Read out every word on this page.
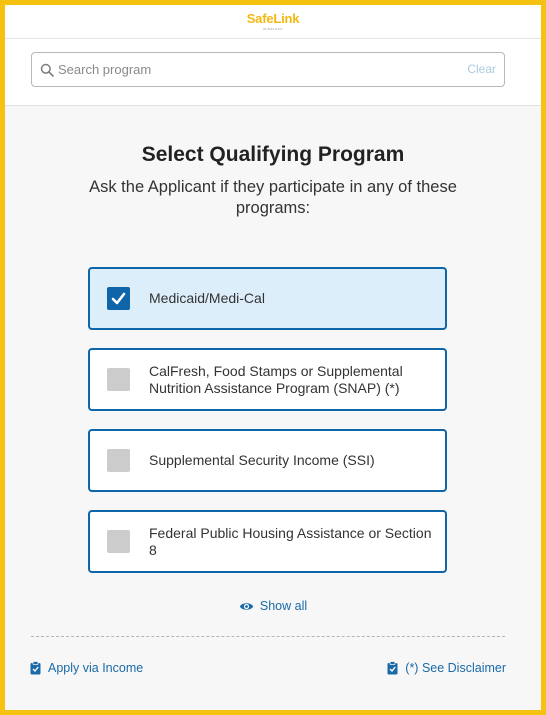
SafeLink
WIRELESS
Search program
Clear
Select Qualifying Program
Ask the Applicant if they participate in any of these programs:
Medicaid/Medi-Cal
CalFresh, Food Stamps or Supplemental Nutrition Assistance Program (SNAP) (*)
Supplemental Security Income (SSI)
Federal Public Housing Assistance or Section 8
Show all
Apply via Income	(*) See Disclaimer
